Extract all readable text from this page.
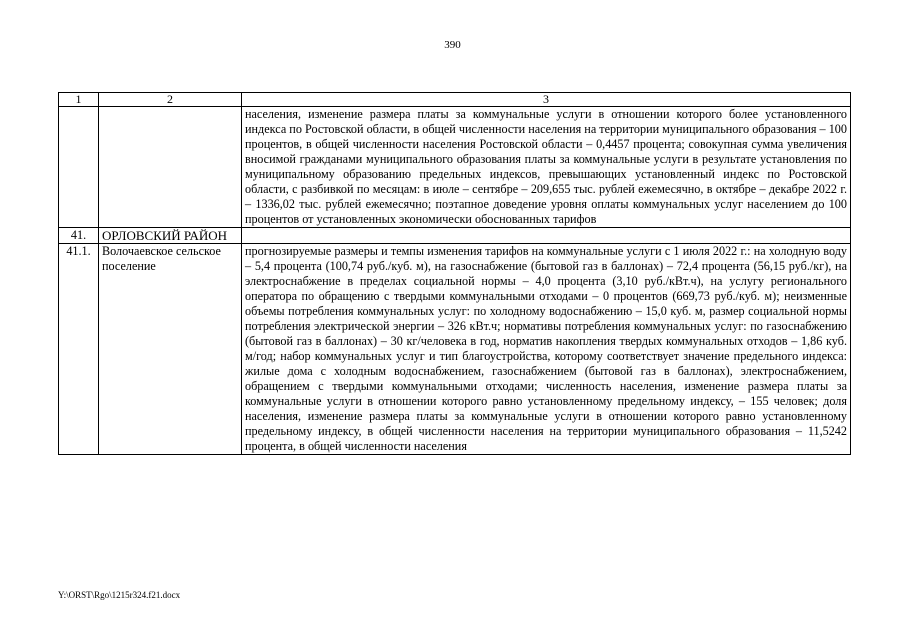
390
1	2	3
		населения, изменение размера платы за коммунальные услуги в отношении которого более установленного индекса по Ростовской области, в общей численности населения на территории муниципального образования – 100 процентов, в общей численности населения Ростовской области – 0,4457 процента; совокупная сумма увеличения вносимой гражданами муниципального образования платы за коммунальные услуги в результате установления по муниципальному образованию предельных индексов, превышающих установленный индекс по Ростовской области, с разбивкой по месяцам: в июле – сентябре – 209,655 тыс. рублей ежемесячно, в октябре – декабре 2022 г. – 1336,02 тыс. рублей ежемесячно; поэтапное доведение уровня оплаты коммунальных услуг населением до 100 процентов от установленных экономически обоснованных тарифов
41.	ОРЛОВСКИЙ РАЙОН	
41.1.	Волочаевское сельское поселение	прогнозируемые размеры и темпы изменения тарифов на коммунальные услуги с 1 июля 2022 г.: на холодную воду – 5,4 процента (100,74 руб./куб. м), на газоснабжение (бытовой газ в баллонах) – 72,4 процента (56,15 руб./кг), на электроснабжение в пределах социальной нормы – 4,0 процента (3,10 руб./кВт.ч), на услугу регионального оператора по обращению с твердыми коммунальными отходами – 0 процентов (669,73 руб./куб. м); неизменные объемы потребления коммунальных услуг: по холодному водоснабжению – 15,0 куб. м, размер социальной нормы потребления электрической энергии – 326 кВт.ч; нормативы потребления коммунальных услуг: по газоснабжению (бытовой газ в баллонах) – 30 кг/человека в год, норматив накопления твердых коммунальных отходов – 1,86 куб. м/год; набор коммунальных услуг и тип благоустройства, которому соответствует значение предельного индекса: жилые дома с холодным водоснабжением, газоснабжением (бытовой газ в баллонах), электроснабжением, обращением с твердыми коммунальными отходами; численность населения, изменение размера платы за коммунальные услуги в отношении которого равно установленному предельному индексу, – 155 человек; доля населения, изменение размера платы за коммунальные услуги в отношении которого равно установленному предельному индексу, в общей численности населения на территории муниципального образования – 11,5242 процента, в общей численности населения
Y:\ORST\Rgo\1215r324.f21.docx
